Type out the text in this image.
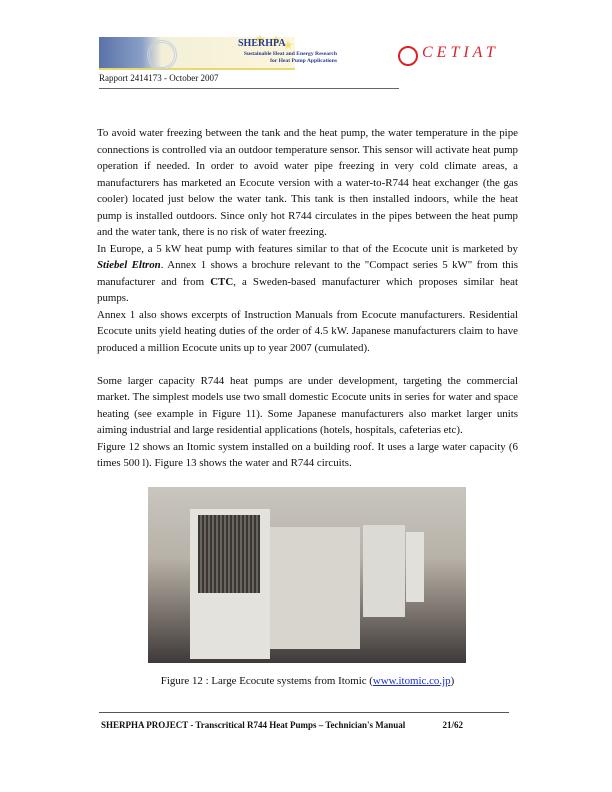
SHERHPA
Sustainable Heat and Energy Research
for Heat Pump Applications	CETIAT
Rapport 2414173 - October 2007

To avoid water freezing between the tank and the heat pump, the water temperature in the pipe connections is controlled via an outdoor temperature sensor. This sensor will activate heat pump operation if needed. In order to avoid water pipe freezing in very cold climate areas, a manufacturers has marketed an Ecocute version with a water-to-R744 heat exchanger (the gas cooler) located just below the water tank. This tank is then installed indoors, while the heat pump is installed outdoors. Since only hot R744 circulates in the pipes between the heat pump and the water tank, there is no risk of water freezing.

In Europe, a 5 kW heat pump with features similar to that of the Ecocute unit is marketed by Stiebel Eltron. Annex 1 shows a brochure relevant to the "Compact series 5 kW" from this manufacturer and from CTC, a Sweden-based manufacturer which proposes similar heat pumps.

Annex 1 also shows excerpts of Instruction Manuals from Ecocute manufacturers. Residential Ecocute units yield heating duties of the order of 4.5 kW. Japanese manufacturers claim to have produced a million Ecocute units up to year 2007 (cumulated).

Some larger capacity R744 heat pumps are under development, targeting the commercial market. The simplest models use two small domestic Ecocute units in series for water and space heating (see example in Figure 11). Some Japanese manufacturers also market larger units aiming industrial and large residential applications (hotels, hospitals, cafeterias etc).

Figure 12 shows an Itomic system installed on a building roof. It uses a large water capacity (6 times 500 l). Figure 13 shows the water and R744 circuits.

Figure 12 : Large Ecocute systems from Itomic (www.itomic.co.jp)
SHERPHA PROJECT - Transcritical R744 Heat Pumps – Technician's Manual	21/62
